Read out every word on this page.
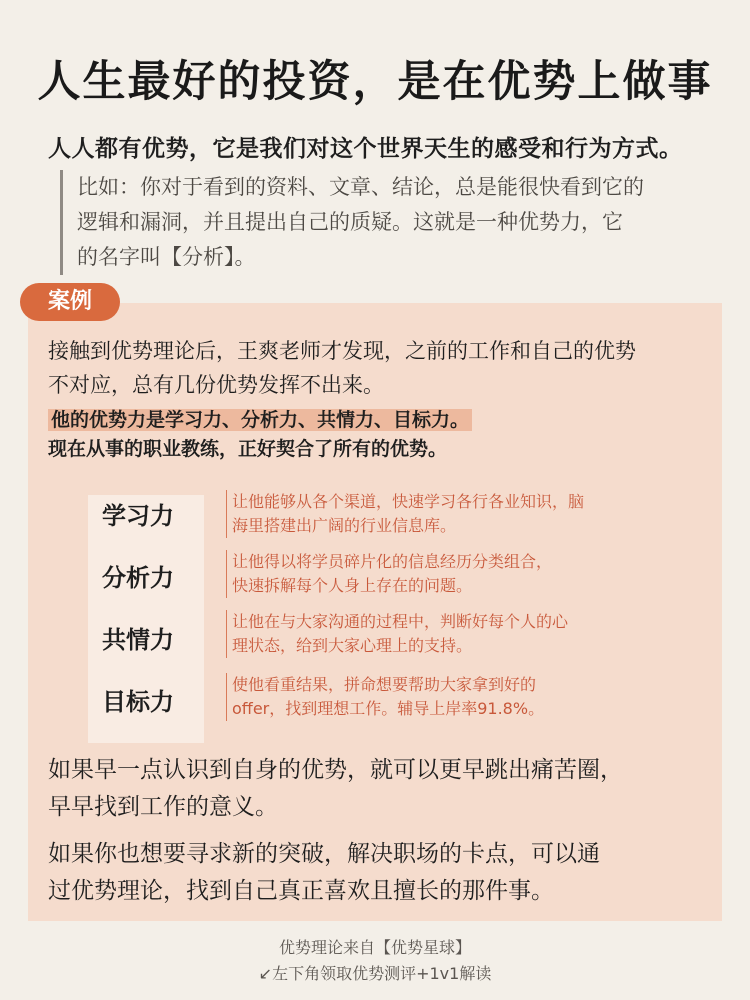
人生最好的投资，是在优势上做事
人人都有优势，它是我们对这个世界天生的感受和行为方式。
比如：你对于看到的资料、文章、结论，总是能很快看到它的
逻辑和漏洞，并且提出自己的质疑。这就是一种优势力，它
的名字叫【分析】。
案例
接触到优势理论后，王爽老师才发现，之前的工作和自己的优势
不对应，总有几份优势发挥不出来。
他的优势力是学习力、分析力、共情力、目标力。
现在从事的职业教练，正好契合了所有的优势。
学习力
让他能够从各个渠道，快速学习各行各业知识，脑
海里搭建出广阔的行业信息库。
分析力
让他得以将学员碎片化的信息经历分类组合，
快速拆解每个人身上存在的问题。
共情力
让他在与大家沟通的过程中，判断好每个人的心
理状态，给到大家心理上的支持。
目标力
使他看重结果，拼命想要帮助大家拿到好的
offer，找到理想工作。辅导上岸率91.8%。
如果早一点认识到自身的优势，就可以更早跳出痛苦圈，
早早找到工作的意义。
如果你也想要寻求新的突破，解决职场的卡点，可以通
过优势理论，找到自己真正喜欢且擅长的那件事。
优势理论来自【优势星球】
↙左下角领取优势测评+1v1解读
